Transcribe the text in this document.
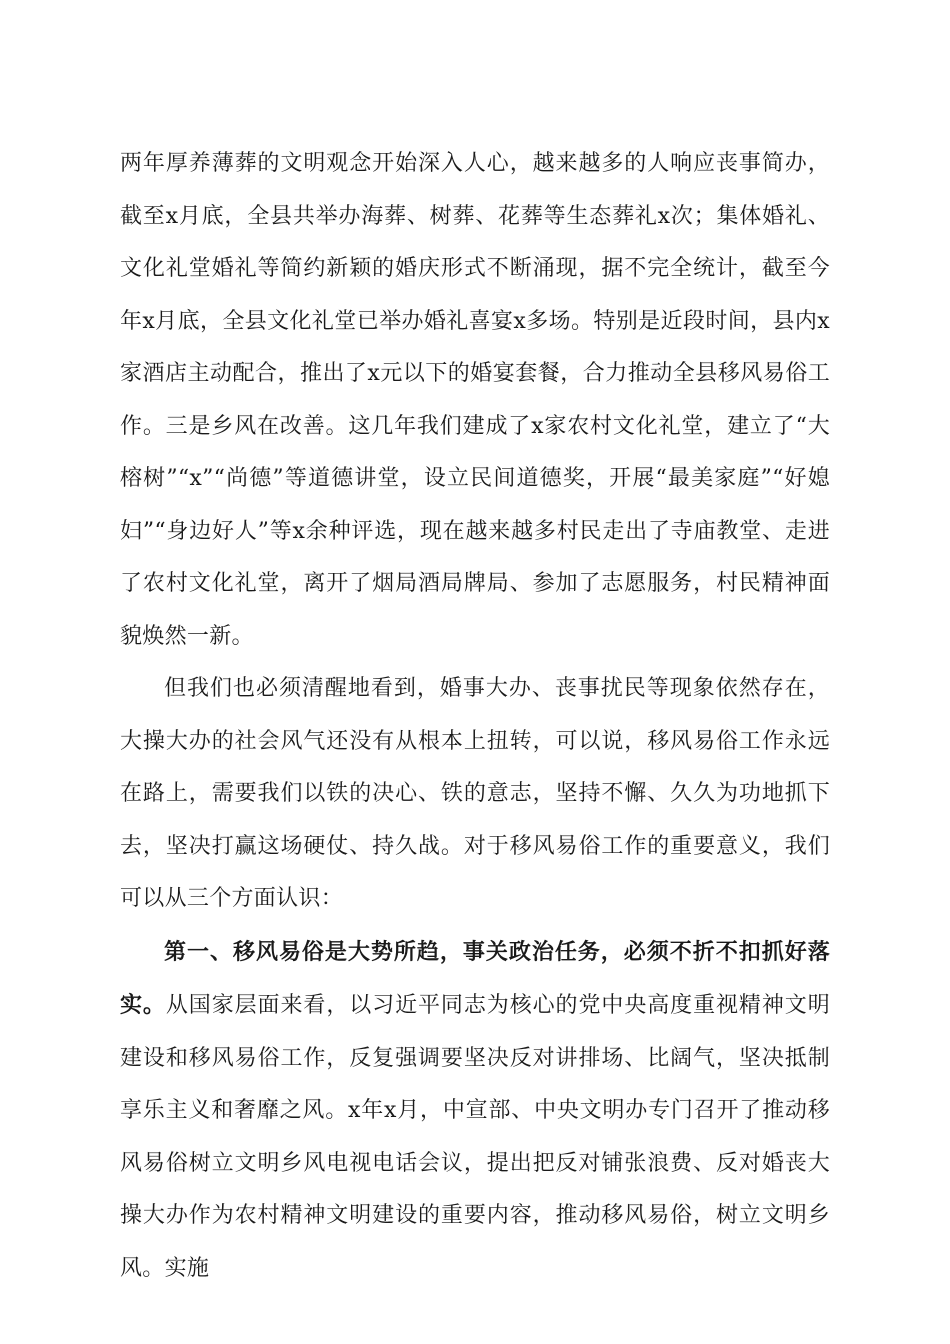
两年厚养薄葬的文明观念开始深入人心，越来越多的人响应丧事简办，截至x月底，全县共举办海葬、树葬、花葬等生态葬礼x次；集体婚礼、文化礼堂婚礼等简约新颖的婚庆形式不断涌现，据不完全统计，截至今年x月底，全县文化礼堂已举办婚礼喜宴x多场。特别是近段时间，县内x家酒店主动配合，推出了x元以下的婚宴套餐，合力推动全县移风易俗工作。三是乡风在改善。这几年我们建成了x家农村文化礼堂，建立了“大榕树”“x”“尚德”等道德讲堂，设立民间道德奖，开展“最美家庭”“好媳妇”“身边好人”等x余种评选，现在越来越多村民走出了寺庙教堂、走进了农村文化礼堂，离开了烟局酒局牌局、参加了志愿服务，村民精神面貌焕然一新。

但我们也必须清醒地看到，婚事大办、丧事扰民等现象依然存在，大操大办的社会风气还没有从根本上扭转，可以说，移风易俗工作永远在路上，需要我们以铁的决心、铁的意志，坚持不懈、久久为功地抓下去，坚决打赢这场硬仗、持久战。对于移风易俗工作的重要意义，我们可以从三个方面认识：

第一、移风易俗是大势所趋，事关政治任务，必须不折不扣抓好落实。从国家层面来看，以习近平同志为核心的党中央高度重视精神文明建设和移风易俗工作，反复强调要坚决反对讲排场、比阔气，坚决抵制享乐主义和奢靡之风。x年x月，中宣部、中央文明办专门召开了推动移风易俗树立文明乡风电视电话会议，提出把反对铺张浪费、反对婚丧大操大办作为农村精神文明建设的重要内容，推动移风易俗，树立文明乡风。实施
